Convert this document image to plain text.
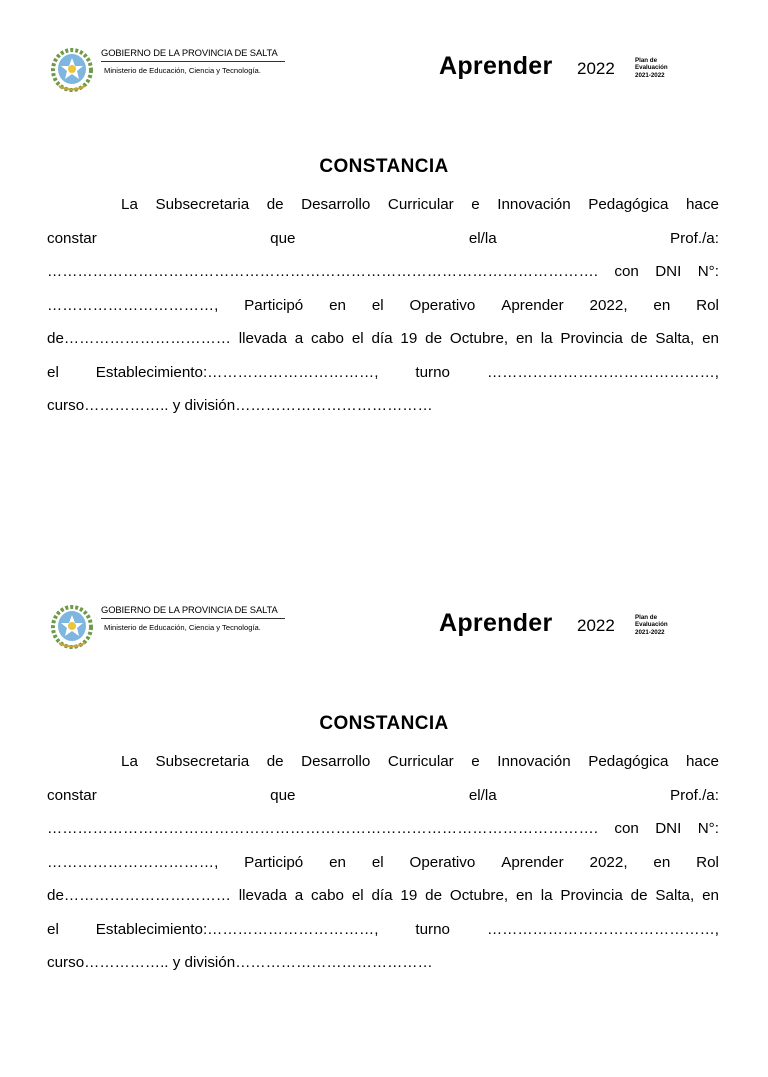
GOBIERNO DE LA PROVINCIA DE SALTA
Ministerio de Educación, Ciencia y Tecnología.	Aprender 2022	Plan de
Evaluación
2021-2022
CONSTANCIA
La Subsecretaria de Desarrollo Curricular e Innovación Pedagógica hace
constar	que	el/la	Prof./a:
………………………………………………………………………………………………. con DNI N°:
……………………………, Participó en el Operativo Aprender 2022, en Rol
de…………………………… llevada a cabo el día 19 de Octubre, en la Provincia de Salta, en
el Establecimiento:……………………………, turno ………………………………………,
curso…………….. y división…………………………………
GOBIERNO DE LA PROVINCIA DE SALTA
Ministerio de Educación, Ciencia y Tecnología.	Aprender 2022	Plan de
Evaluación
2021-2022
CONSTANCIA
La Subsecretaria de Desarrollo Curricular e Innovación Pedagógica hace
constar	que	el/la	Prof./a:
………………………………………………………………………………………………. con DNI N°:
……………………………, Participó en el Operativo Aprender 2022, en Rol
de…………………………… llevada a cabo el día 19 de Octubre, en la Provincia de Salta, en
el Establecimiento:……………………………, turno ………………………………………,
curso…………….. y división…………………………………
